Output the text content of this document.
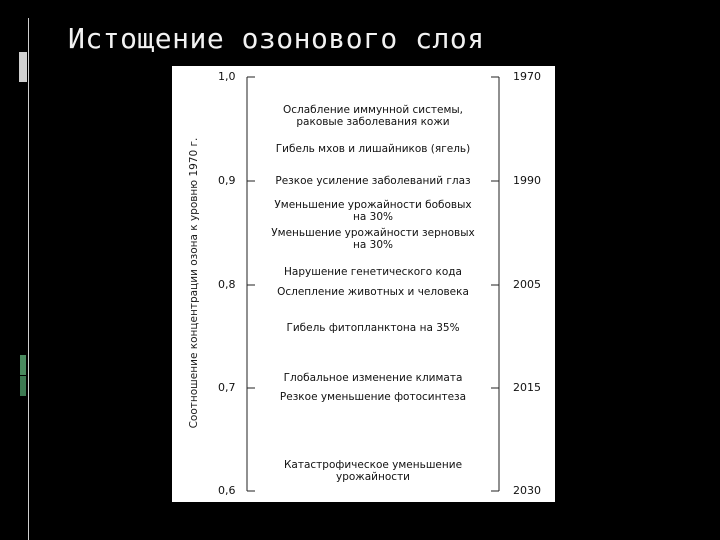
Истощение озонового слоя
Соотношение концентрации озона к уровню 1970 г.
1,0
0,9
0,8
0,7
0,6
1970
1990
2005
2015
2030
Ослабление иммунной системы,
раковые заболевания кожи
Гибель мхов и лишайников (ягель)
Резкое усиление заболеваний глаз
Уменьшение урожайности бобовых
на 30%
Уменьшение урожайности зерновых
на 30%
Нарушение генетического кода
Ослепление животных и человека
Гибель фитопланктона на 35%
Глобальное изменение климата
Резкое уменьшение фотосинтеза
Катастрофическое уменьшение
урожайности
